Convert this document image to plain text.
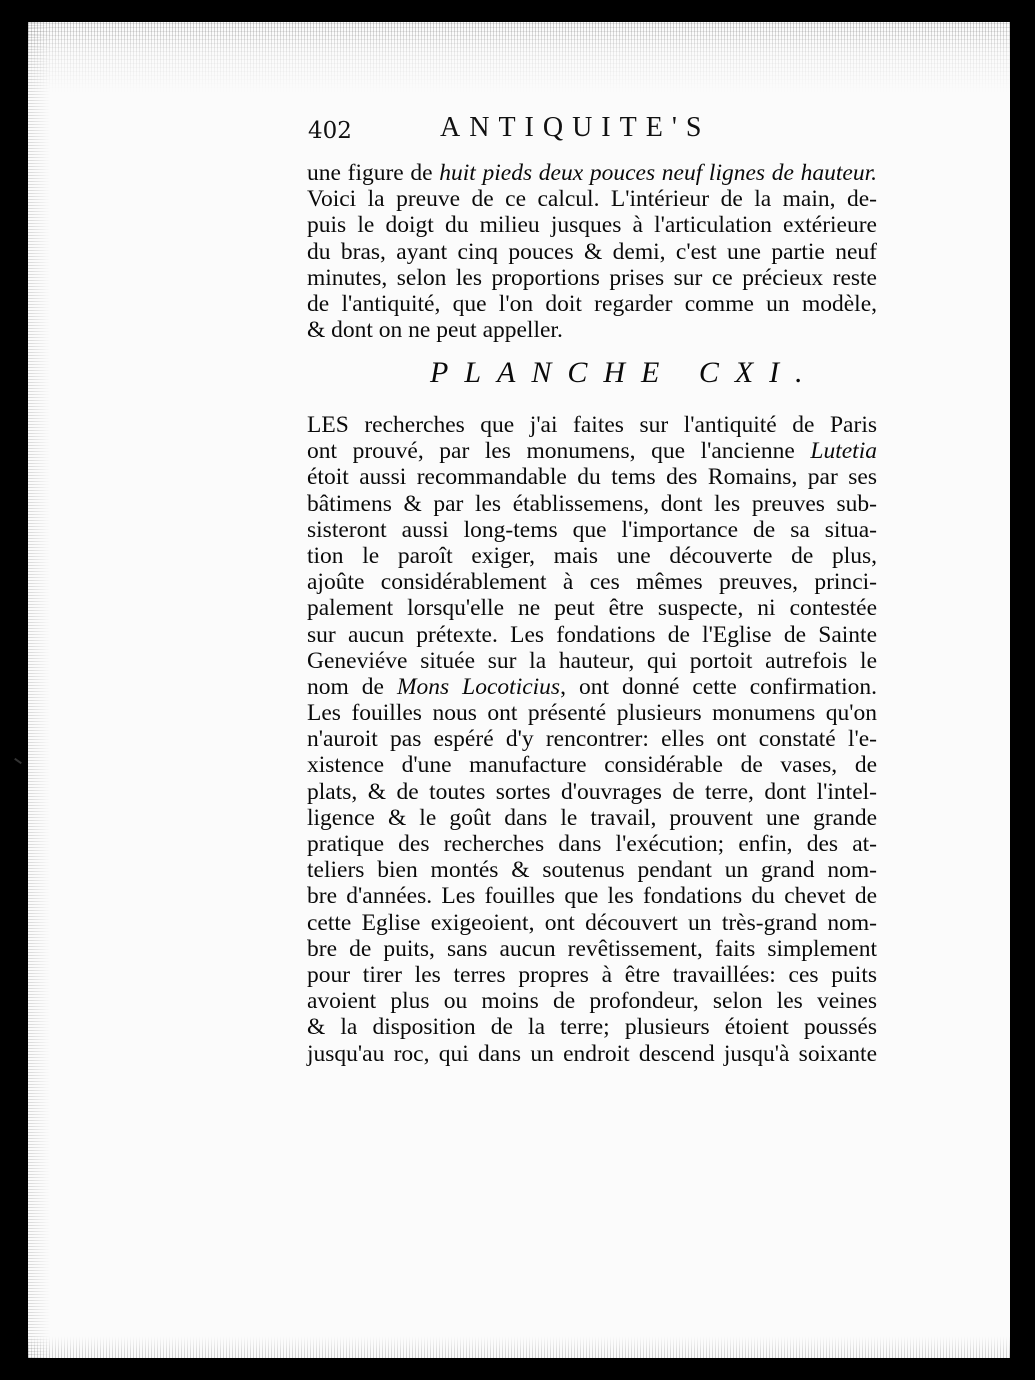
402	ANTIQUITE'S
une figure de huit pieds deux pouces neuf lignes de hauteur.
Voici la preuve de ce calcul. L'intérieur de la main, de-
puis le doigt du milieu jusques à l'articulation extérieure
du bras, ayant cinq pouces & demi, c'est une partie neuf
minutes, selon les proportions prises sur ce précieux reste
de l'antiquité, que l'on doit regarder comme un modèle,
& dont on ne peut appeller.
PLANCHE CXI.
LES recherches que j'ai faites sur l'antiquité de Paris
ont prouvé, par les monumens, que l'ancienne Lutetia
étoit aussi recommandable du tems des Romains, par ses
bâtimens & par les établissemens, dont les preuves sub-
sisteront aussi long-tems que l'importance de sa situa-
tion le paroît exiger, mais une découverte de plus,
ajoûte considérablement à ces mêmes preuves, princi-
palement lorsqu'elle ne peut être suspecte, ni contestée
sur aucun prétexte. Les fondations de l'Eglise de Sainte
Geneviéve située sur la hauteur, qui portoit autrefois le
nom de Mons Locoticius, ont donné cette confirmation.
Les fouilles nous ont présenté plusieurs monumens qu'on
n'auroit pas espéré d'y rencontrer: elles ont constaté l'e-
xistence d'une manufacture considérable de vases, de
plats, & de toutes sortes d'ouvrages de terre, dont l'intel-
ligence & le goût dans le travail, prouvent une grande
pratique des recherches dans l'exécution; enfin, des at-
teliers bien montés & soutenus pendant un grand nom-
bre d'années. Les fouilles que les fondations du chevet de
cette Eglise exigeoient, ont découvert un très-grand nom-
bre de puits, sans aucun revêtissement, faits simplement
pour tirer les terres propres à être travaillées: ces puits
avoient plus ou moins de profondeur, selon les veines
& la disposition de la terre; plusieurs étoient poussés
jusqu'au roc, qui dans un endroit descend jusqu'à soixante
